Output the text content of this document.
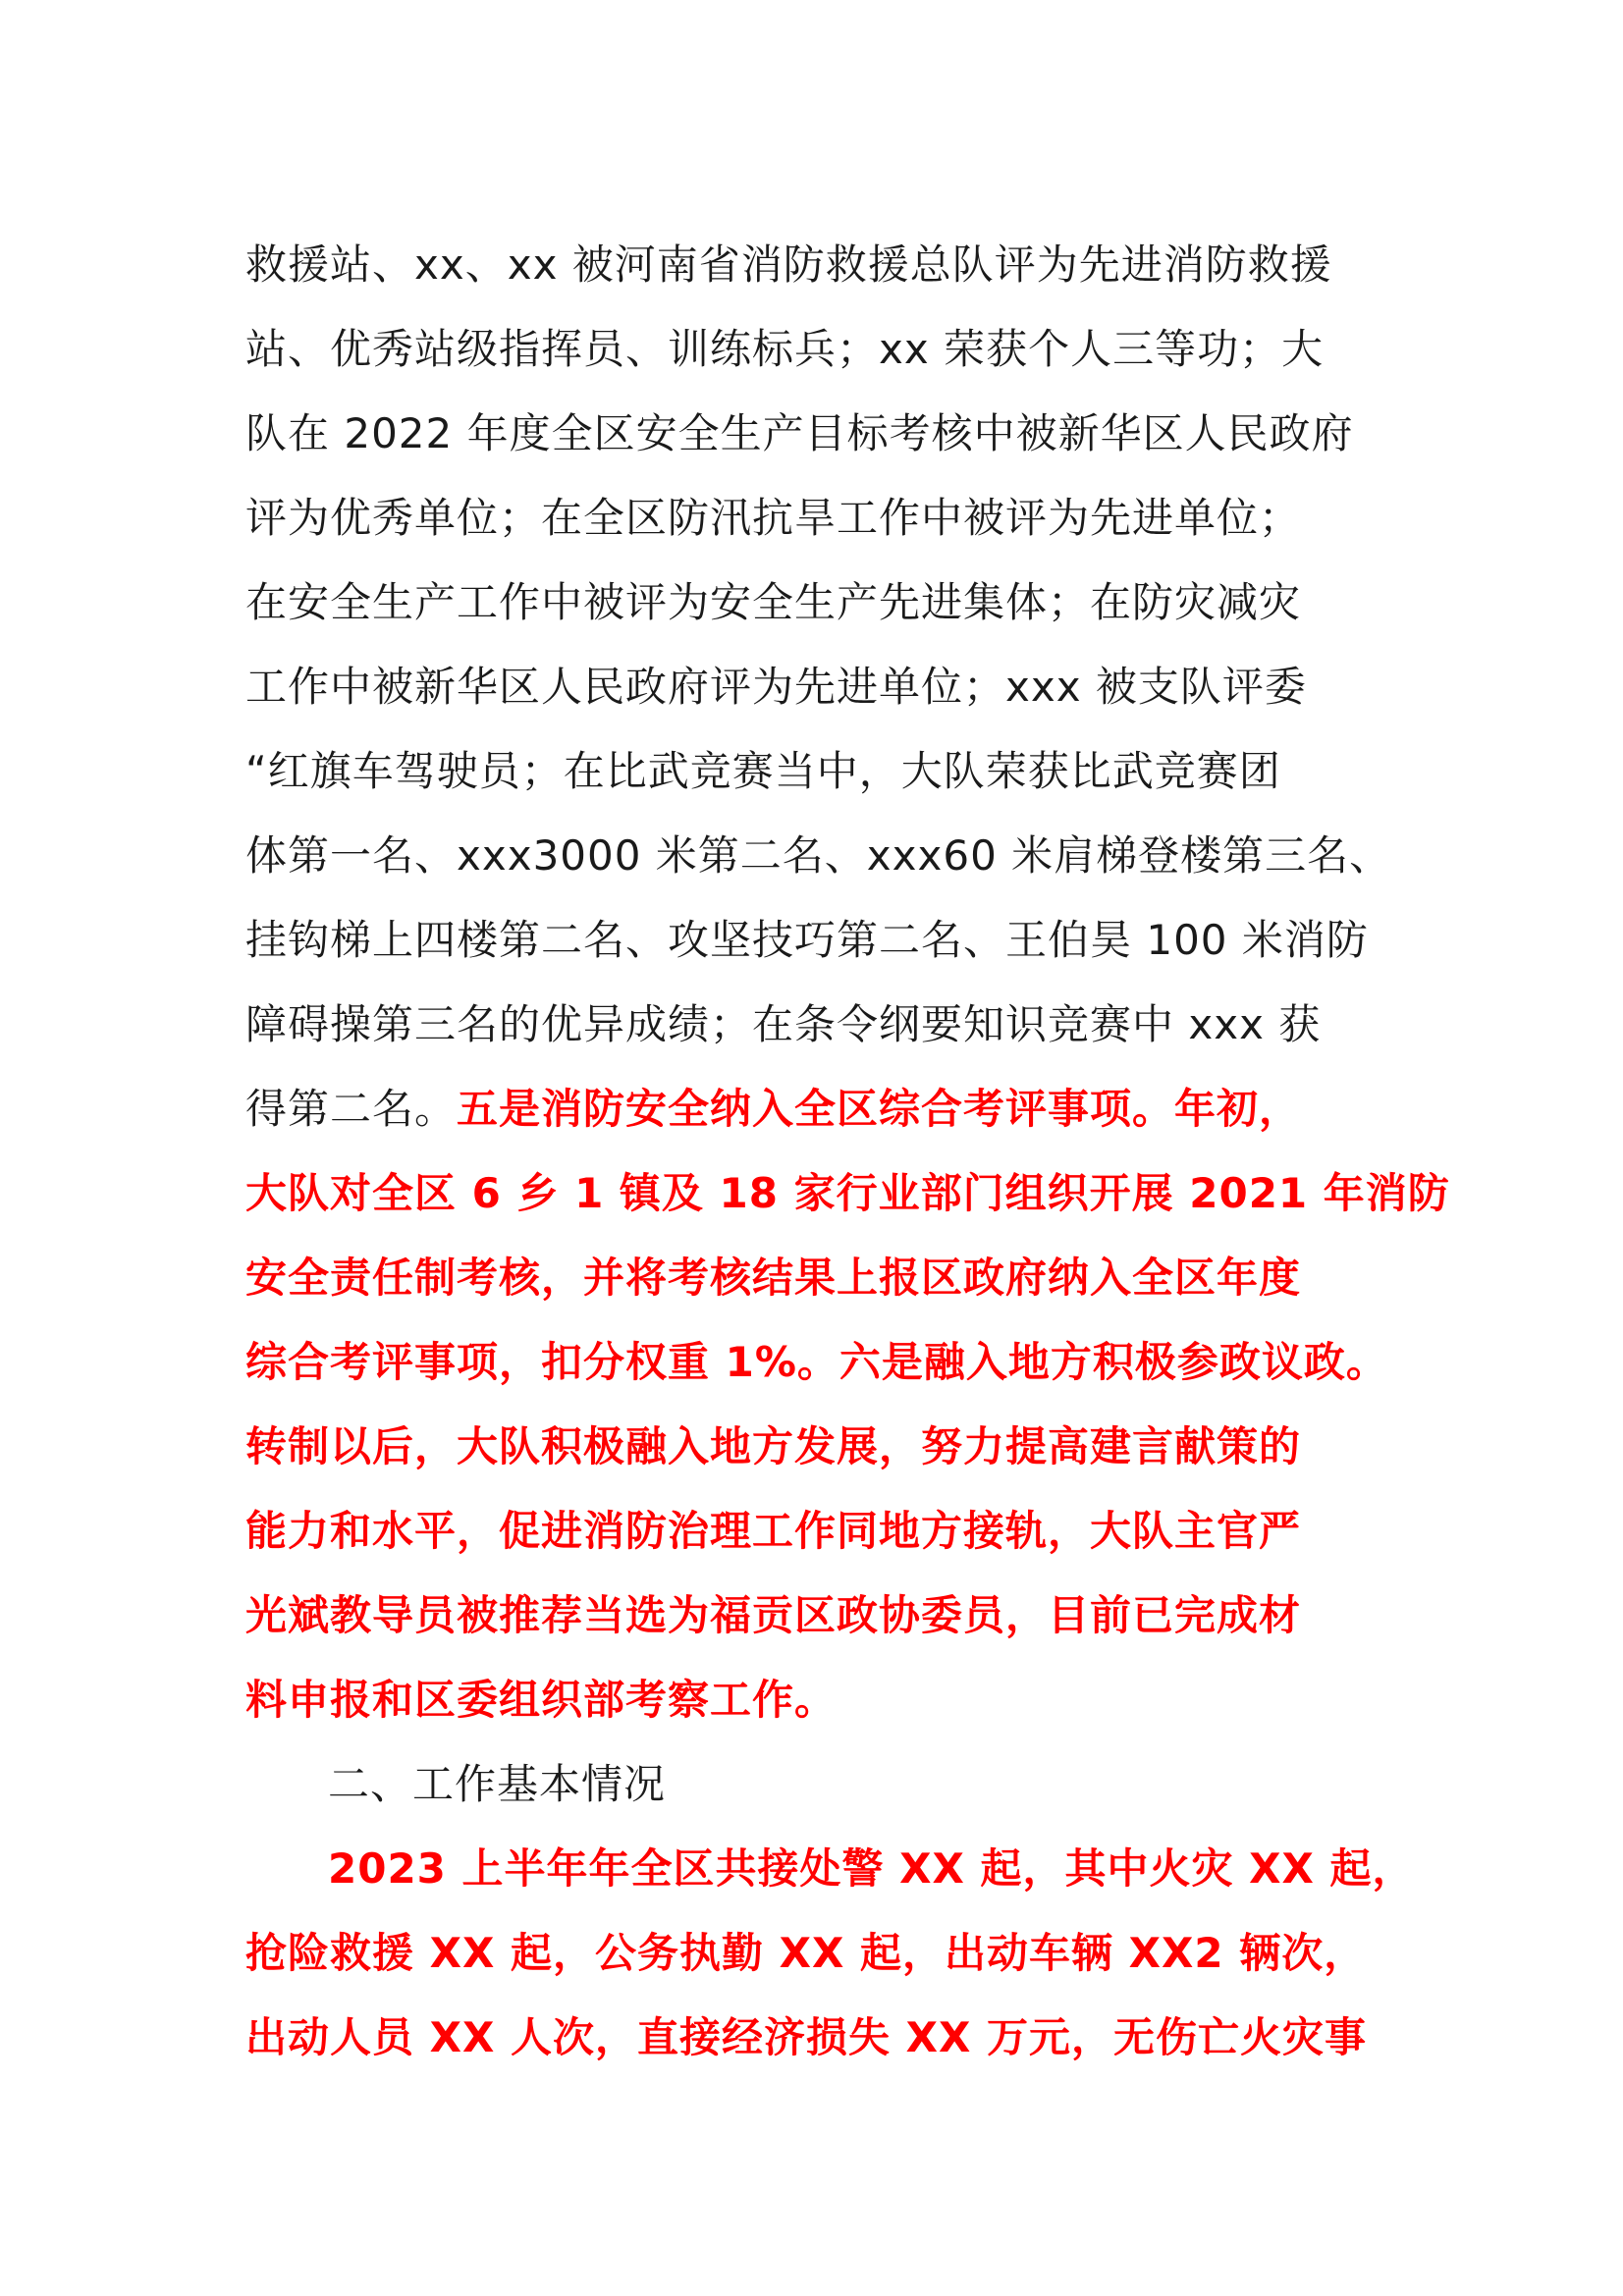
救援站、xx、xx 被河南省消防救援总队评为先进消防救援
站、优秀站级指挥员、训练标兵；xx 荣获个人三等功；大
队在 2022 年度全区安全生产目标考核中被新华区人民政府
评为优秀单位；在全区防汛抗旱工作中被评为先进单位；
在安全生产工作中被评为安全生产先进集体；在防灾减灾
工作中被新华区人民政府评为先进单位；xxx 被支队评委
“红旗车驾驶员；在比武竞赛当中，大队荣获比武竞赛团
体第一名、xxx3000 米第二名、xxx60 米肩梯登楼第三名、
挂钩梯上四楼第二名、攻坚技巧第二名、王伯昊 100 米消防
障碍操第三名的优异成绩；在条令纲要知识竞赛中 xxx 获
得第二名。五是消防安全纳入全区综合考评事项。年初，
大队对全区 6 乡 1 镇及 18 家行业部门组织开展 2021 年消防
安全责任制考核，并将考核结果上报区政府纳入全区年度
综合考评事项，扣分权重 1%。六是融入地方积极参政议政。
转制以后，大队积极融入地方发展，努力提高建言献策的
能力和水平，促进消防治理工作同地方接轨，大队主官严
光斌教导员被推荐当选为福贡区政协委员，目前已完成材
料申报和区委组织部考察工作。
二、工作基本情况
2023 上半年年全区共接处警 XX 起，其中火灾 XX 起，
抢险救援 XX 起，公务执勤 XX 起，出动车辆 XX2 辆次，
出动人员 XX 人次，直接经济损失 XX 万元，无伤亡火灾事
